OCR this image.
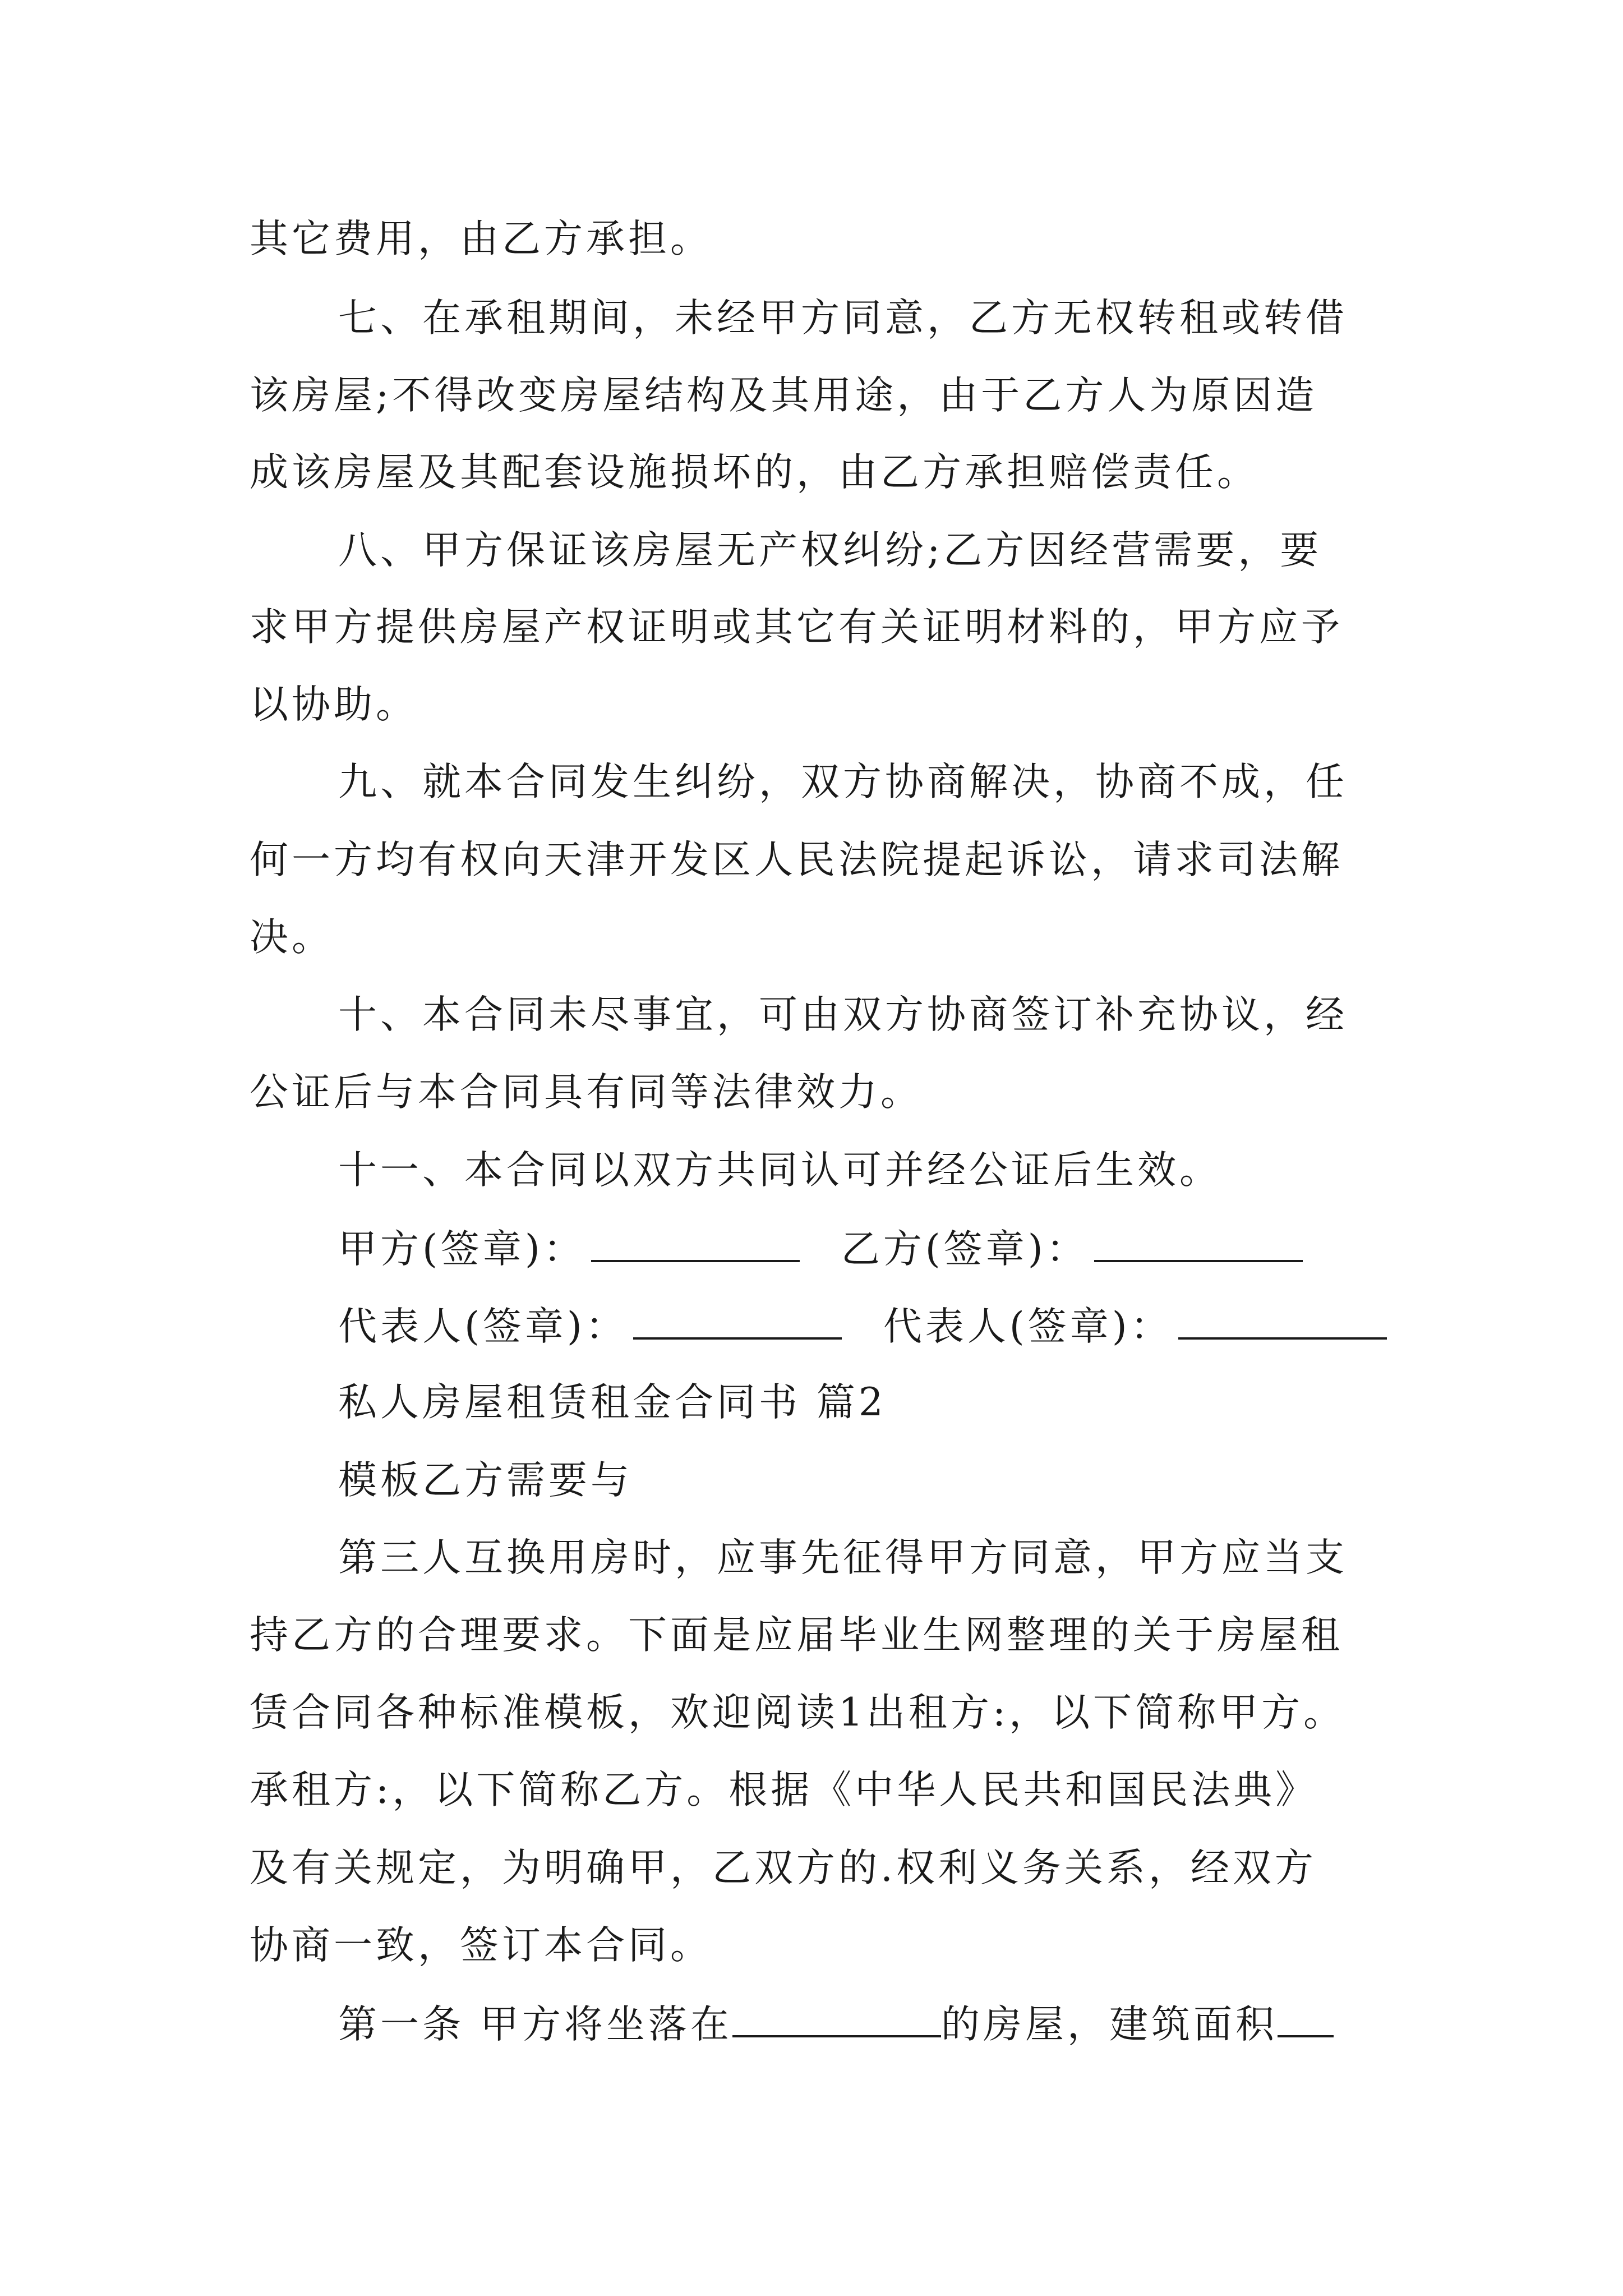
其它费用，由乙方承担。
七、在承租期间，未经甲方同意，乙方无权转租或转借
该房屋;不得改变房屋结构及其用途，由于乙方人为原因造
成该房屋及其配套设施损坏的，由乙方承担赔偿责任。
八、甲方保证该房屋无产权纠纷;乙方因经营需要，要
求甲方提供房屋产权证明或其它有关证明材料的，甲方应予
以协助。
九、就本合同发生纠纷，双方协商解决，协商不成，任
何一方均有权向天津开发区人民法院提起诉讼，请求司法解
决。
十、本合同未尽事宜，可由双方协商签订补充协议，经
公证后与本合同具有同等法律效力。
十一、本合同以双方共同认可并经公证后生效。
甲方(签章)：	乙方(签章)：
代表人(签章)：	代表人(签章)：
私人房屋租赁租金合同书 篇2
模板乙方需要与
第三人互换用房时，应事先征得甲方同意，甲方应当支
持乙方的合理要求。下面是应届毕业生网整理的关于房屋租
赁合同各种标准模板，欢迎阅读1出租方:，以下简称甲方。
承租方:，以下简称乙方。根据《中华人民共和国民法典》
及有关规定，为明确甲，乙双方的.权利义务关系，经双方
协商一致，签订本合同。
第一条 甲方将坐落在	的房屋，建筑面积
